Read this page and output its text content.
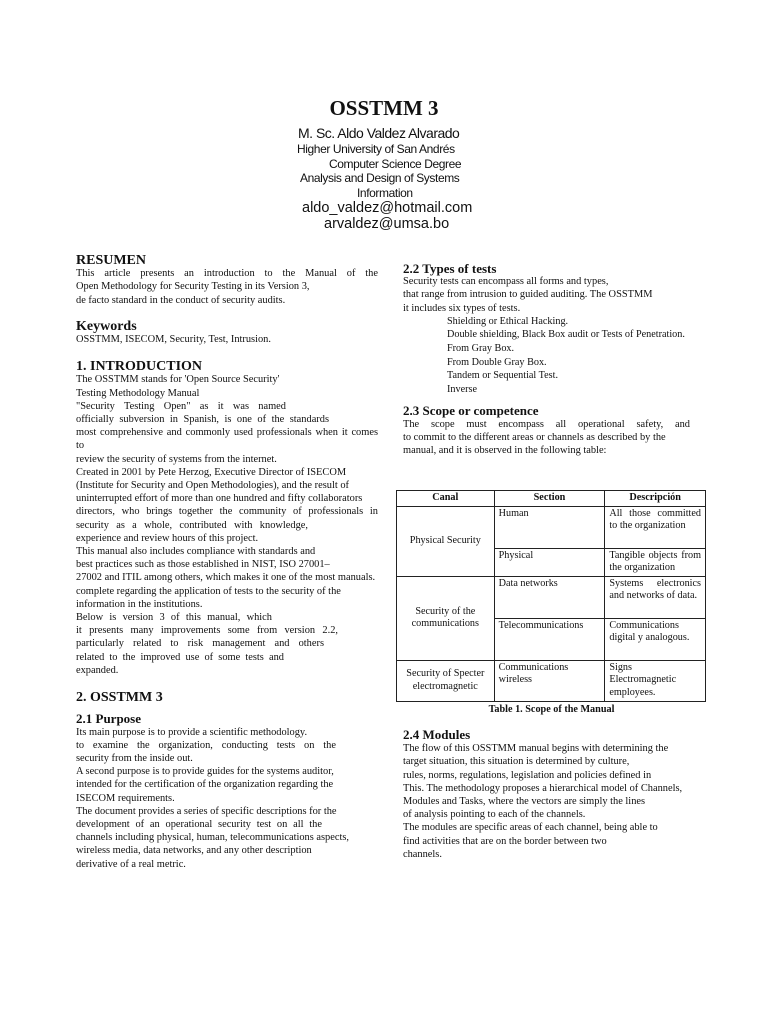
OSSTMM 3
M. Sc. Aldo Valdez Alvarado
Higher University of San Andrés
Computer Science Degree
Analysis and Design of Systems
Information
aldo_valdez@hotmail.com
arvaldez@umsa.bo
RESUMEN

This article presents an introduction to the Manual of the

Open Methodology for Security Testing in its Version 3,

de facto standard in the conduct of security audits.

Keywords

OSSTMM, ISECOM, Security, Test, Intrusion.

1. INTRODUCTION

The OSSTMM stands for 'Open Source Security'

Testing Methodology Manual

"Security Testing Open" as it was named

officially subversion in Spanish, is one of the standards

most comprehensive and commonly used professionals when it comes to

review the security of systems from the internet.

Created in 2001 by Pete Herzog, Executive Director of ISECOM

(Institute for Security and Open Methodologies), and the result of

uninterrupted effort of more than one hundred and fifty collaborators

directors, who brings together the community of professionals in

security as a whole, contributed with knowledge,

experience and review hours of this project.

This manual also includes compliance with standards and

best practices such as those established in NIST, ISO 27001–

27002 and ITIL among others, which makes it one of the most manuals.

complete regarding the application of tests to the security of the

information in the institutions.

Below is version 3 of this manual, which

it presents many improvements some from version 2.2,

particularly related to risk management and others

related to the improved use of some tests and

expanded.

2. OSSTMM 3
2.1 Purpose

Its main purpose is to provide a scientific methodology.

to examine the organization, conducting tests on the

security from the inside out.

A second purpose is to provide guides for the systems auditor,

intended for the certification of the organization regarding the

ISECOM requirements.

The document provides a series of specific descriptions for the

development of an operational security test on all the

channels including physical, human, telecommunications aspects,

wireless media, data networks, and any other description

derivative of a real metric.

2.2 Types of tests

Security tests can encompass all forms and types,

that range from intrusion to guided auditing. The OSSTMM

it includes six types of tests.

Shielding or Ethical Hacking.
Double shielding, Black Box audit or Tests of Penetration.
From Gray Box.
From Double Gray Box.
Tandem or Sequential Test.
Inverse
2.3 Scope or competence

The scope must encompass all operational safety, and

to commit to the different areas or channels as described by the

manual, and it is observed in the following table:

Canal	Section	Descripción
Physical Security	Human	All those committed to the organization
	Physical	Tangible objects from the organization
Security of the communications	Data networks	Systems electronics and networks of data.
	Telecommunications	Communications digital y analogous.
Security of Specter electromagnetic	Communications wireless	Signs Electromagnetic employees.
Table 1. Scope of the Manual
2.4 Modules

The flow of this OSSTMM manual begins with determining the

target situation, this situation is determined by culture,

rules, norms, regulations, legislation and policies defined in

This. The methodology proposes a hierarchical model of Channels,

Modules and Tasks, where the vectors are simply the lines

of analysis pointing to each of the channels.

The modules are specific areas of each channel, being able to

find activities that are on the border between two

channels.
